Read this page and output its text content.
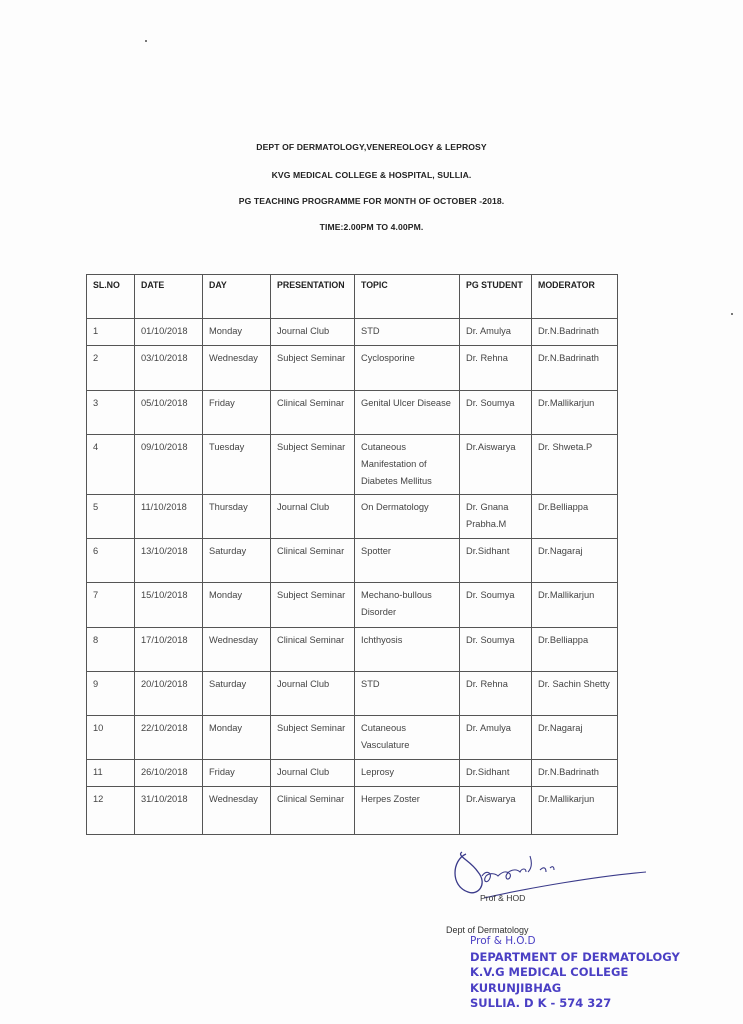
DEPT OF DERMATOLOGY,VENEREOLOGY & LEPROSY
KVG MEDICAL COLLEGE & HOSPITAL, SULLIA.
PG TEACHING PROGRAMME FOR MONTH OF OCTOBER -2018.
TIME:2.00PM TO 4.00PM.
SL.NO	DATE	DAY	PRESENTATION	TOPIC	PG STUDENT	MODERATOR
1	01/10/2018	Monday	Journal Club	STD	Dr. Amulya	Dr.N.Badrinath
2	03/10/2018	Wednesday	Subject Seminar	Cyclosporine	Dr. Rehna	Dr.N.Badrinath
3	05/10/2018	Friday	Clinical Seminar	Genital Ulcer Disease	Dr. Soumya	Dr.Mallikarjun
4	09/10/2018	Tuesday	Subject Seminar	Cutaneous Manifestation of Diabetes Mellitus	Dr.Aiswarya	Dr. Shweta.P
5	11/10/2018	Thursday	Journal Club	On Dermatology	Dr. Gnana Prabha.M	Dr.Belliappa
6	13/10/2018	Saturday	Clinical Seminar	Spotter	Dr.Sidhant	Dr.Nagaraj
7	15/10/2018	Monday	Subject Seminar	Mechano-bullous Disorder	Dr. Soumya	Dr.Mallikarjun
8	17/10/2018	Wednesday	Clinical Seminar	Ichthyosis	Dr. Soumya	Dr.Belliappa
9	20/10/2018	Saturday	Journal Club	STD	Dr. Rehna	Dr. Sachin Shetty
10	22/10/2018	Monday	Subject Seminar	Cutaneous Vasculature	Dr. Amulya	Dr.Nagaraj
11	26/10/2018	Friday	Journal Club	Leprosy	Dr.Sidhant	Dr.N.Badrinath
12	31/10/2018	Wednesday	Clinical Seminar	Herpes Zoster	Dr.Aiswarya	Dr.Mallikarjun
Prof & HOD
Dept of Dermatology
Prof & H.O.D
DEPARTMENT OF DERMATOLOGY
K.V.G MEDICAL COLLEGE
KURUNJIBHAG
SULLIA. D K - 574 327
